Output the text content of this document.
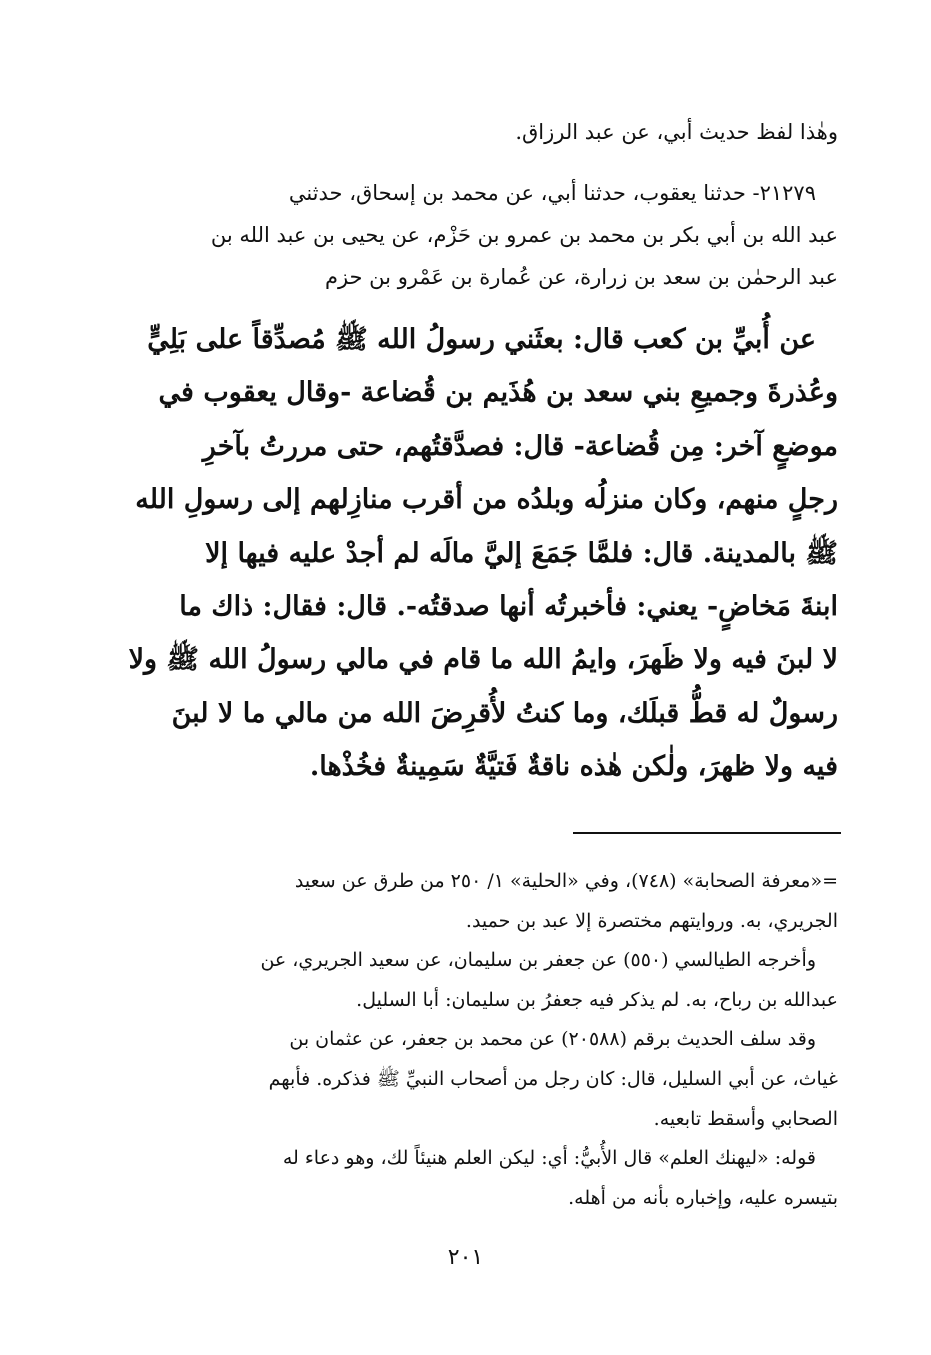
وهٰذا لفظ حديث أبي، عن عبد الرزاق.
٢١٢٧٩- حدثنا يعقوب، حدثنا أبي، عن محمد بن إسحاق، حدثني
عبد الله بن أبي بكر بن محمد بن عمرو بن حَزْم، عن يحيى بن عبد الله بن
عبد الرحمٰن بن سعد بن زرارة، عن عُمارة بن عَمْرو بن حزم
عن أُبيِّ بن كعب قال: بعثَني رسولُ الله ﷺ مُصدِّقاً على بَلِيٍّ
وعُذرةَ وجميعِ بني سعد بن هُذَيم بن قُضاعة -وقال يعقوب في
موضعٍ آخر: مِن قُضاعة- قال: فصدَّقتُهم، حتى مررتُ بآخرِ
رجلٍ منهم، وكان منزلُه وبلدُه من أقرب منازِلهم إلى رسولِ الله
ﷺ بالمدينة. قال: فلمَّا جَمَعَ إليَّ مالَه لم أجدْ عليه فيها إلا
ابنةَ مَخاضٍ- يعني: فأخبرتُه أنها صدقتُه-. قال: فقال: ذاك ما
لا لبنَ فيه ولا ظَهرَ، وايمُ الله ما قام في مالي رسولُ الله ﷺ ولا
رسولٌ له قطُّ قبلَك، وما كنتُ لأُقرِضَ الله من مالي ما لا لبنَ
فيه ولا ظهرَ، ولٰكن هٰذه ناقةٌ فَتيَّةٌ سَمِينةٌ فخُذْها.
=«معرفة الصحابة» (٧٤٨)، وفي «الحلية» ١/ ٢٥٠ من طرق عن سعيد
الجريري، به. وروايتهم مختصرة إلا عبد بن حميد.
وأخرجه الطيالسي (٥٥٠) عن جعفر بن سليمان، عن سعيد الجريري، عن
عبدالله بن رباح، به. لم يذكر فيه جعفرُ بن سليمان: أبا السليل.
وقد سلف الحديث برقم (٢٠٥٨٨) عن محمد بن جعفر، عن عثمان بن
غياث، عن أبي السليل، قال: كان رجل من أصحاب النبيِّ ﷺ فذكره. فأبهم
الصحابي وأسقط تابعيه.
قوله: «ليهنك العلم» قال الأُبيُّ: أي: ليكن العلم هنيئاً لك، وهو دعاء له
بتيسره عليه، وإخباره بأنه من أهله.
٢٠١
